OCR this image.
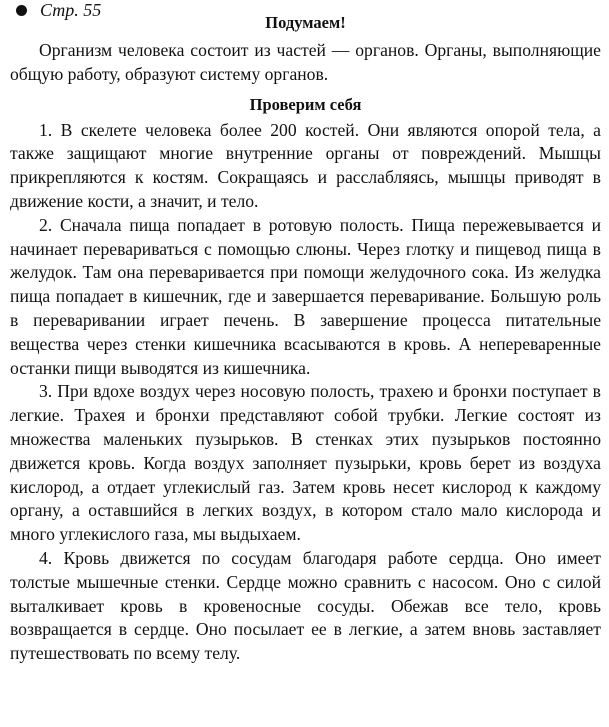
Стр. 55
Подумаем!

Организм человека состоит из частей — органов. Органы, выполняющие общую работу, образуют систему органов.

Проверим себя

1. В скелете человека более 200 костей. Они являются опорой тела, а также защищают многие внутренние органы от повреждений. Мышцы прикрепляются к костям. Сокращаясь и расслабляясь, мышцы приводят в движение кости, а значит, и тело.

2. Сначала пища попадает в ротовую полость. Пища пережевывается и начинает перевариваться с помощью слюны. Через глотку и пищевод пища в желудок. Там она переваривается при помощи желудочного сока. Из желудка пища попадает в кишечник, где и завершается переваривание. Большую роль в переваривании играет печень. В завершение процесса питательные вещества через стенки кишечника всасываются в кровь. А непереваренные останки пищи выводятся из кишечника.

3. При вдохе воздух через носовую полость, трахею и бронхи поступает в легкие. Трахея и бронхи представляют собой трубки. Легкие состоят из множества маленьких пузырьков. В стенках этих пузырьков постоянно движется кровь. Когда воздух заполняет пузырьки, кровь берет из воздуха кислород, а отдает углекислый газ. Затем кровь несет кислород к каждому органу, а оставшийся в легких воздух, в котором стало мало кислорода и много углекислого газа, мы выдыхаем.

4. Кровь движется по сосудам благодаря работе сердца. Оно имеет толстые мышечные стенки. Сердце можно сравнить с насосом. Оно с силой выталкивает кровь в кровеносные сосуды. Обежав все тело, кровь возвращается в сердце. Оно посылает ее в легкие, а затем вновь заставляет путешествовать по всему телу.
